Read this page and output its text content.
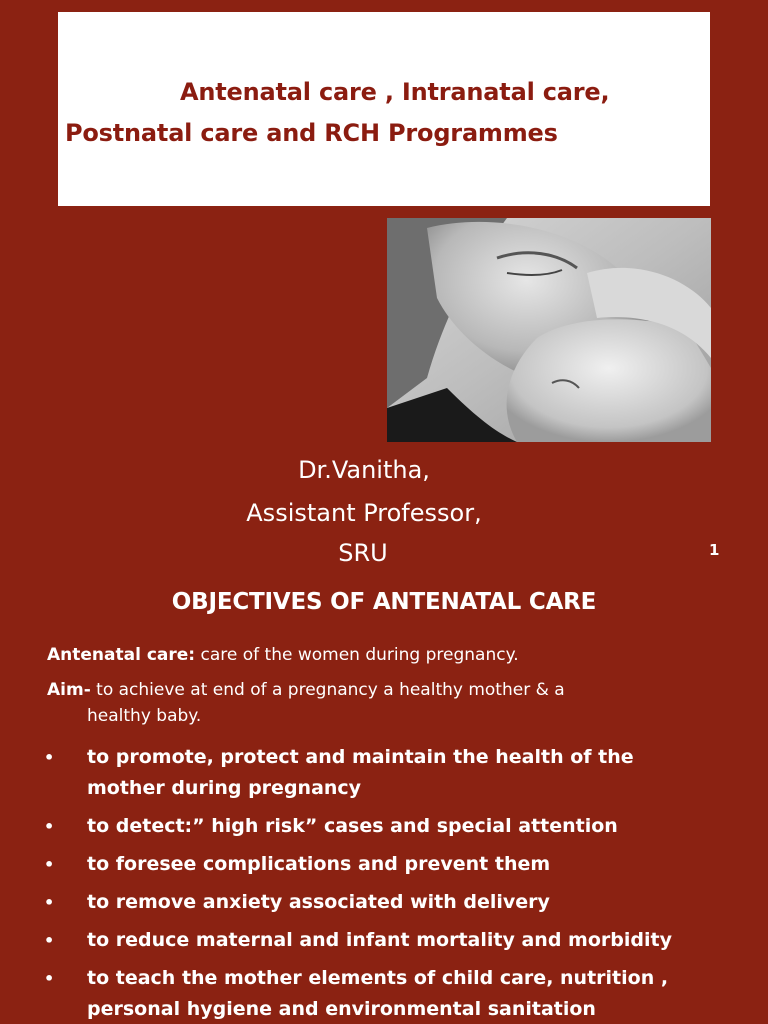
Antenatal care , Intranatal care,
Postnatal care and RCH Programmes
Dr.Vanitha,
Assistant Professor,
SRU	1
OBJECTIVES OF ANTENATAL CARE
Antenatal care: care of the women during pregnancy.
Aim- to achieve at end of a pregnancy a healthy mother & a
healthy baby.
• to promote, protect and maintain the health of the
mother during pregnancy
• to detect:” high risk” cases and special attention
• to foresee complications and prevent them
• to remove anxiety associated with delivery
• to reduce maternal and infant mortality and morbidity
• to teach the mother elements of child care, nutrition ,
personal hygiene and environmental sanitation
